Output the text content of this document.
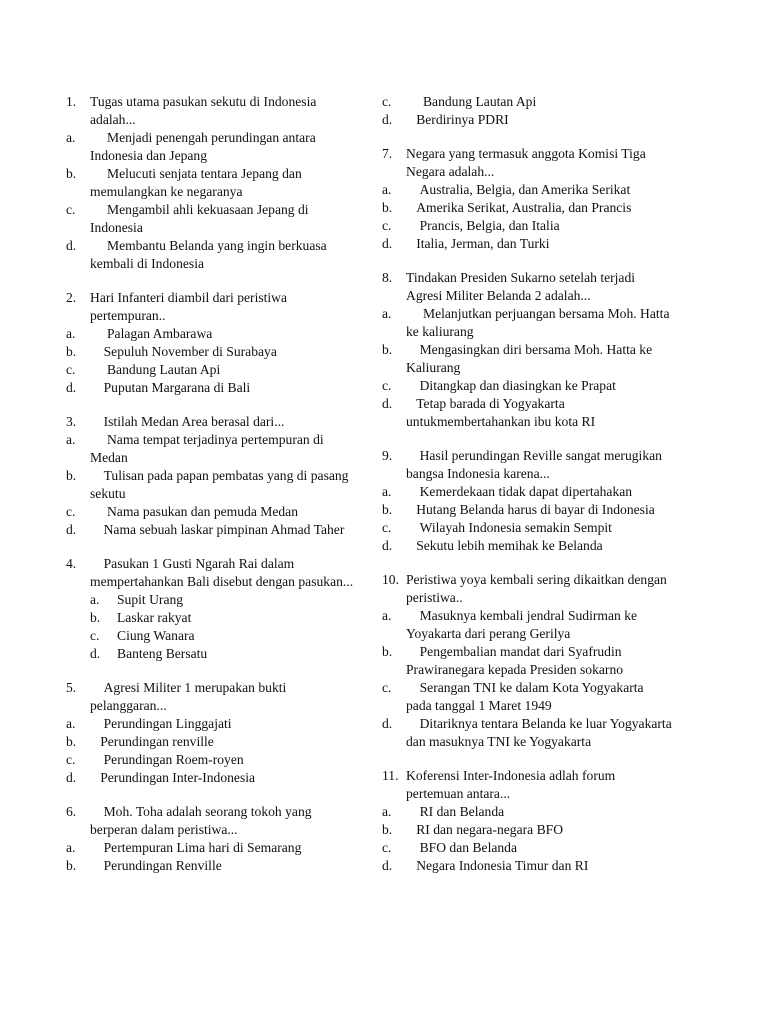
1.	Tugas utama pasukan sekutu di Indonesia adalah...
a.	Menjadi penengah perundingan antara Indonesia dan Jepang
b.	Melucuti senjata tentara Jepang dan memulangkan ke negaranya
c.	Mengambil ahli kekuasaan Jepang di Indonesia
d.	Membantu Belanda yang ingin berkuasa kembali di Indonesia
2.	Hari Infanteri diambil dari peristiwa pertempuran..
a.	Palagan Ambarawa
b.	Sepuluh November di Surabaya
c.	Bandung Lautan Api
d.	Puputan Margarana di Bali
3.	Istilah Medan Area berasal dari...
a.	Nama tempat terjadinya pertempuran di Medan
b.	Tulisan pada papan pembatas yang di pasang sekutu
c.	Nama pasukan dan pemuda Medan
d.	Nama sebuah laskar pimpinan Ahmad Taher
4.	Pasukan 1 Gusti Ngarah Rai dalam mempertahankan Bali disebut dengan pasukan...
a.	Supit Urang
b.	Laskar rakyat
c.	Ciung Wanara
d.	Banteng Bersatu
5.	Agresi Militer 1 merupakan bukti pelanggaran...
a.	Perundingan Linggajati
b.	Perundingan renville
c.	Perundingan Roem-royen
d.	Perundingan Inter-Indonesia
6.	Moh. Toha adalah seorang tokoh yang berperan dalam peristiwa...
a.	Pertempuran Lima hari di Semarang
b.	Perundingan Renville
c.	Bandung Lautan Api
d.	Berdirinya PDRI
7.	Negara yang termasuk anggota Komisi Tiga Negara adalah...
a.	Australia, Belgia, dan Amerika Serikat
b.	Amerika Serikat, Australia, dan Prancis
c.	Prancis, Belgia, dan Italia
d.	Italia, Jerman, dan Turki
8.	Tindakan Presiden Sukarno setelah terjadi Agresi Militer Belanda 2 adalah...
a.	Melanjutkan perjuangan bersama Moh. Hatta ke kaliurang
b.	Mengasingkan diri bersama Moh. Hatta ke Kaliurang
c.	Ditangkap dan diasingkan ke Prapat
d.	Tetap barada di Yogyakarta untukmembertahankan ibu kota RI
9.	Hasil perundingan Reville sangat merugikan bangsa Indonesia karena...
a.	Kemerdekaan tidak dapat dipertahakan
b.	Hutang Belanda harus di bayar di Indonesia
c.	Wilayah Indonesia semakin Sempit
d.	Sekutu lebih memihak ke Belanda
10. Peristiwa yoya kembali sering dikaitkan dengan peristiwa..
a.	Masuknya kembali jendral Sudirman ke Yoyakarta dari perang Gerilya
b.	Pengembalian mandat dari Syafrudin Prawiranegara kepada Presiden sokarno
c.	Serangan TNI ke dalam Kota Yogyakarta pada tanggal 1 Maret 1949
d.	Ditariknya tentara Belanda ke luar Yogyakarta dan masuknya TNI ke Yogyakarta
11. Koferensi Inter-Indonesia adlah forum pertemuan antara...
a.	RI dan Belanda
b.	RI dan negara-negara BFO
c.	BFO dan Belanda
d.	Negara Indonesia Timur dan RI
